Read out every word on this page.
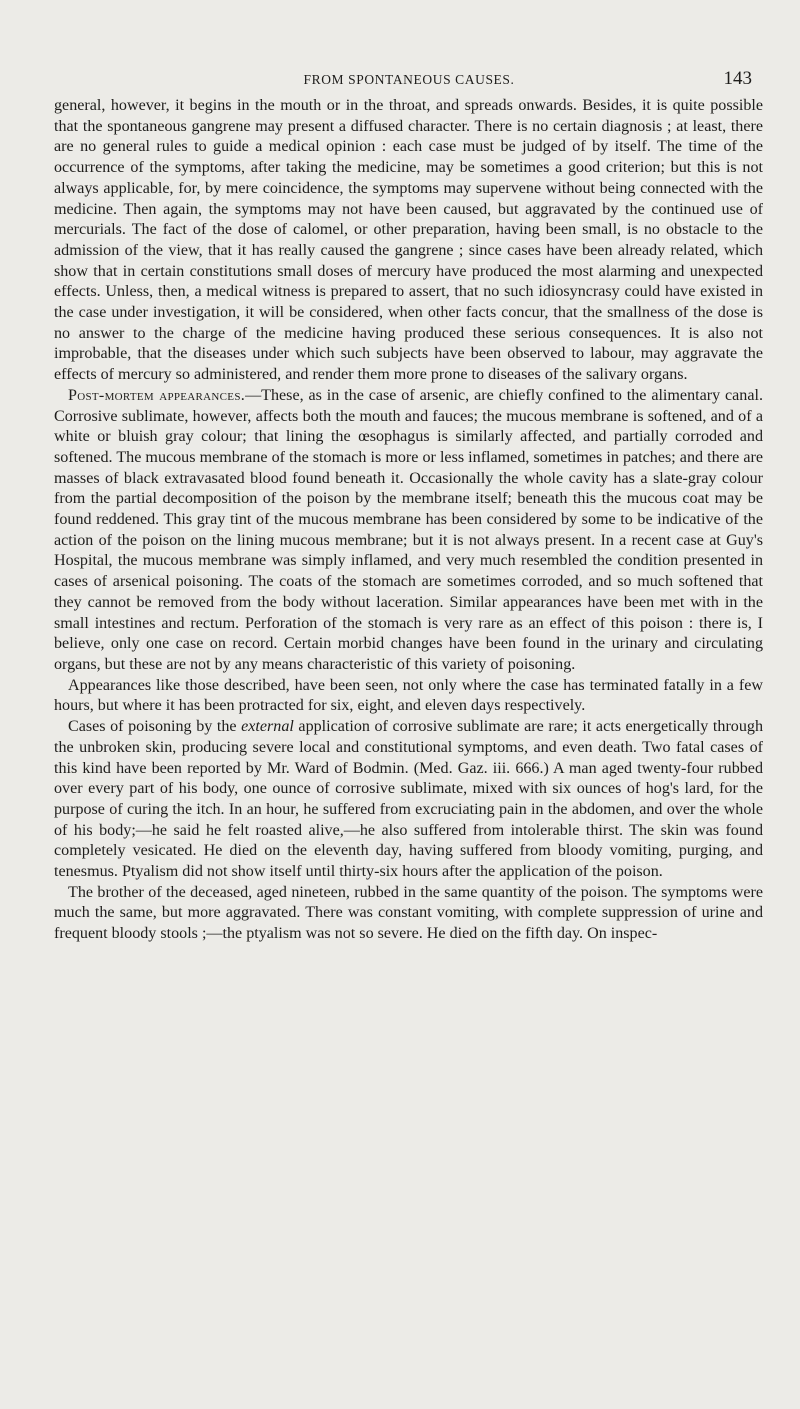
FROM SPONTANEOUS CAUSES.	143

general, however, it begins in the mouth or in the throat, and spreads onwards. Besides, it is quite possible that the spontaneous gangrene may present a diffused character. There is no certain diagnosis ; at least, there are no general rules to guide a medical opinion : each case must be judged of by itself. The time of the occurrence of the symptoms, after taking the medicine, may be sometimes a good criterion; but this is not always applicable, for, by mere coincidence, the symptoms may supervene without being connected with the medicine. Then again, the symptoms may not have been caused, but aggravated by the continued use of mercurials. The fact of the dose of calomel, or other preparation, having been small, is no obstacle to the admission of the view, that it has really caused the gangrene ; since cases have been already related, which show that in certain constitutions small doses of mercury have produced the most alarming and unexpected effects. Unless, then, a medical witness is prepared to assert, that no such idiosyncrasy could have existed in the case under investigation, it will be considered, when other facts concur, that the smallness of the dose is no answer to the charge of the medicine having produced these serious consequences. It is also not improbable, that the diseases under which such subjects have been observed to labour, may aggravate the effects of mercury so administered, and render them more prone to diseases of the salivary organs.

Post-mortem appearances.—These, as in the case of arsenic, are chiefly confined to the alimentary canal. Corrosive sublimate, however, affects both the mouth and fauces; the mucous membrane is softened, and of a white or bluish gray colour; that lining the œsophagus is similarly affected, and partially corroded and softened. The mucous membrane of the stomach is more or less inflamed, sometimes in patches; and there are masses of black extravasated blood found beneath it. Occasionally the whole cavity has a slate-gray colour from the partial decomposition of the poison by the membrane itself; beneath this the mucous coat may be found reddened. This gray tint of the mucous membrane has been considered by some to be indicative of the action of the poison on the lining mucous membrane; but it is not always present. In a recent case at Guy's Hospital, the mucous membrane was simply inflamed, and very much resembled the condition presented in cases of arsenical poisoning. The coats of the stomach are sometimes corroded, and so much softened that they cannot be removed from the body without laceration. Similar appearances have been met with in the small intestines and rectum. Perforation of the stomach is very rare as an effect of this poison : there is, I believe, only one case on record. Certain morbid changes have been found in the urinary and circulating organs, but these are not by any means characteristic of this variety of poisoning.

Appearances like those described, have been seen, not only where the case has terminated fatally in a few hours, but where it has been protracted for six, eight, and eleven days respectively.

Cases of poisoning by the external application of corrosive sublimate are rare; it acts energetically through the unbroken skin, producing severe local and constitutional symptoms, and even death. Two fatal cases of this kind have been reported by Mr. Ward of Bodmin. (Med. Gaz. iii. 666.) A man aged twenty-four rubbed over every part of his body, one ounce of corrosive sublimate, mixed with six ounces of hog's lard, for the purpose of curing the itch. In an hour, he suffered from excruciating pain in the abdomen, and over the whole of his body;—he said he felt roasted alive,—he also suffered from intolerable thirst. The skin was found completely vesicated. He died on the eleventh day, having suffered from bloody vomiting, purging, and tenesmus. Ptyalism did not show itself until thirty-six hours after the application of the poison.

The brother of the deceased, aged nineteen, rubbed in the same quantity of the poison. The symptoms were much the same, but more aggravated. There was constant vomiting, with complete suppression of urine and frequent bloody stools ;—the ptyalism was not so severe. He died on the fifth day. On inspec-
